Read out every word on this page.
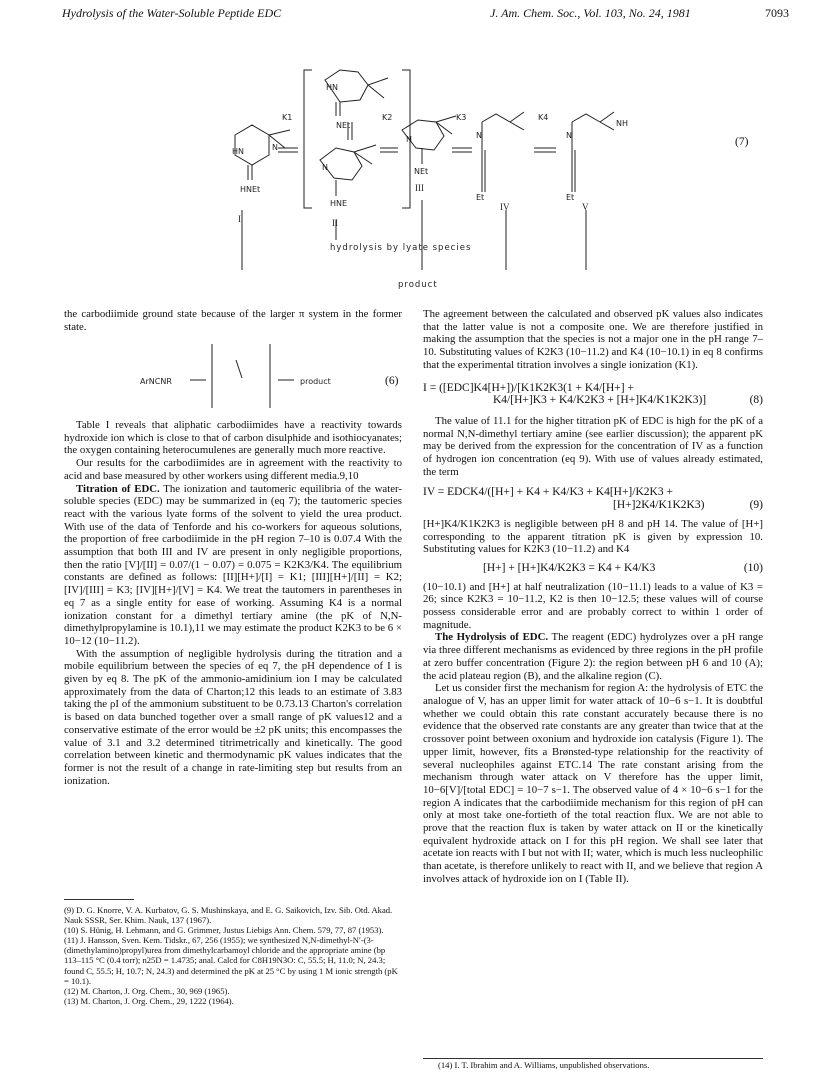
Hydrolysis of the Water-Soluble Peptide EDC	J. Am. Chem. Soc., Vol. 103, No. 24, 1981	7093
HN	N
HNEt
HN
NEt
N
HNE
N
NEt
N
Et
N
Et
NH
K1	K2	K3	K4
I	II
III
IV	V
hydrolysis by lyate species
product
(7)

the carbodiimide ground state because of the larger π system in the former state.

ArNCNR	product	(6)

Table I reveals that aliphatic carbodiimides have a reactivity towards hydroxide ion which is close to that of carbon disulphide and isothiocyanates; the oxygen containing heterocumulenes are generally much more reactive.

Our results for the carbodiimides are in agreement with the reactivity to acid and base measured by other workers using different media.9,10

Titration of EDC. The ionization and tautomeric equilibria of the water-soluble species (EDC) may be summarized in (eq 7); the tautomeric species react with the various lyate forms of the solvent to yield the urea product. With use of the data of Tenforde and his co-workers for aqueous solutions, the proportion of free carbodiimide in the pH region 7–10 is 0.07.4 With the assumption that both III and IV are present in only negligible proportions, then the ratio [V]/[II] = 0.07/(1 − 0.07) = 0.075 = K2K3/K4. The equilibrium constants are defined as follows: [II][H+]/[I] = K1; [III][H+]/[II] = K2; [IV]/[III] = K3; [IV][H+]/[V] = K4. We treat the tautomers in parentheses in eq 7 as a single entity for ease of working. Assuming K4 is a normal ionization constant for a dimethyl tertiary amine (the pK of N,N-dimethylpropylamine is 10.1),11 we may estimate the product K2K3 to be 6 × 10−12 (10−11.2).

With the assumption of negligible hydrolysis during the titration and a mobile equilibrium between the species of eq 7, the pH dependence of I is given by eq 8. The pK of the ammonio-amidinium ion I may be calculated approximately from the data of Charton;12 this leads to an estimate of 3.83 taking the ρI of the ammonium substituent to be 0.73.13 Charton's correlation is based on data bunched together over a small range of pK values12 and a conservative estimate of the error would be ±2 pK units; this encompasses the value of 3.1 and 3.2 determined titrimetrically and kinetically. The good correlation between kinetic and thermodynamic pK values indicates that the former is not the result of a change in rate-limiting step but results from an ionization.

(9) D. G. Knorre, V. A. Kurbatov, G. S. Mushinskaya, and E. G. Saikovich, Izv. Sib. Otd. Akad. Nauk SSSR, Ser. Khim. Nauk, 137 (1967).

(10) S. Hünig, H. Lehmann, and G. Grimmer, Justus Liebigs Ann. Chem. 579, 77, 87 (1953).

(11) J. Hansson, Sven. Kem. Tidskr., 67, 256 (1955); we synthesized N,N-dimethyl-N′-(3-(dimethylamino)propyl)urea from dimethylcarbamoyl chloride and the appropriate amine (bp 113–115 °C (0.4 torr); n25D = 1.4735; anal. Calcd for C8H19N3O: C, 55.5; H, 11.0; N, 24.3; found C, 55.5; H, 10.7; N, 24.3) and determined the pK at 25 °C by using 1 M ionic strength (pK = 10.1).

(12) M. Charton, J. Org. Chem., 30, 969 (1965).

(13) M. Charton, J. Org. Chem., 29, 1222 (1964).

The agreement between the calculated and observed pK values also indicates that the latter value is not a composite one. We are therefore justified in making the assumption that the species is not a major one in the pH range 7–10. Substituting values of K2K3 (10−11.2) and K4 (10−10.1) in eq 8 confirms that the experimental titration involves a single ionization (K1).

I = ([EDC]K4[H+])/[K1K2K3(1 + K4/[H+] +
K4/[H+]K3 + K4/K2K3 + [H+]K4/K1K2K3)]	(8)

The value of 11.1 for the higher titration pK of EDC is high for the pK of a normal N,N-dimethyl tertiary amine (see earlier discussion); the apparent pK may be derived from the expression for the concentration of IV as a function of hydrogen ion concentration (eq 9). With use of values already estimated, the term

IV = EDCK4/([H+] + K4 + K4/K3 + K4[H+]/K2K3 +
[H+]2K4/K1K2K3)	(9)

[H+]K4/K1K2K3 is negligible between pH 8 and pH 14. The value of [H+] corresponding to the apparent titration pK is given by expression 10. Substituting values for K2K3 (10−11.2) and K4

[H+] + [H+]K4/K2K3 = K4 + K4/K3	(10)

(10−10.1) and [H+] at half neutralization (10−11.1) leads to a value of K3 = 26; since K2K3 = 10−11.2, K2 is then 10−12.5; these values will of course possess considerable error and are probably correct to within 1 order of magnitude.

The Hydrolysis of EDC. The reagent (EDC) hydrolyzes over a pH range via three different mechanisms as evidenced by three regions in the pH profile at zero buffer concentration (Figure 2): the region between pH 6 and 10 (A); the acid plateau region (B), and the alkaline region (C).

Let us consider first the mechanism for region A: the hydrolysis of ETC the analogue of V, has an upper limit for water attack of 10−6 s−1. It is doubtful whether we could obtain this rate constant accurately because there is no evidence that the observed rate constants are any greater than twice that at the crossover point between oxonium and hydroxide ion catalysis (Figure 1). The upper limit, however, fits a Brønsted-type relationship for the reactivity of several nucleophiles against ETC.14 The rate constant arising from the mechanism through water attack on V therefore has the upper limit, 10−6[V]/[total EDC] = 10−7 s−1. The observed value of 4 × 10−6 s−1 for the region A indicates that the carbodiimide mechanism for this region of pH can only at most take one-fortieth of the total reaction flux. We are not able to prove that the reaction flux is taken by water attack on II or the kinetically equivalent hydroxide attack on I for this pH region. We shall see later that acetate ion reacts with I but not with II; water, which is much less nucleophilic than acetate, is therefore unlikely to react with II, and we believe that region A involves attack of hydroxide ion on I (Table II).

(14) I. T. Ibrahim and A. Williams, unpublished observations.
